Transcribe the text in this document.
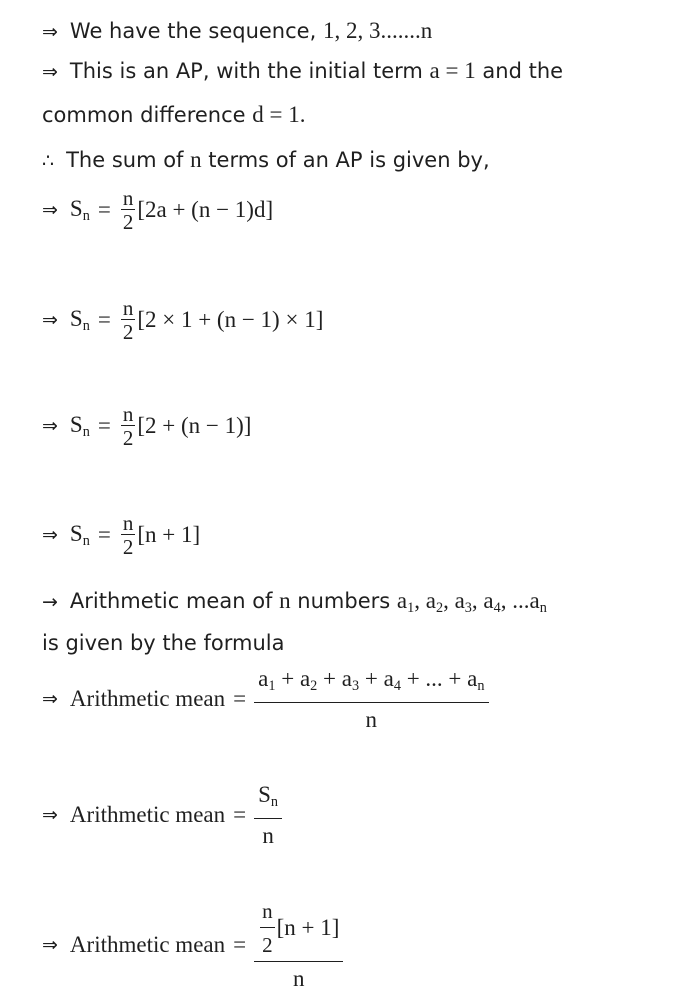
⇒ We have the sequence, 1, 2, 3.......n
⇒ This is an AP, with the initial term a = 1 and the
common difference d = 1.
∴ The sum of n terms of an AP is given by,
⇒ $S_n = \frac{n}{2} [2a + (n - 1)d]$
⇒ $S_n = \frac{n}{2} [2 \times 1 + (n - 1) \times 1]$
⇒ $S_n = \frac{n}{2} [2 + (n - 1)]$
⇒ $S_n = \frac{n}{2} [n + 1]$
→ Arithmetic mean of n numbers $a_1$, $a_2$, $a_3$, $a_4$, $...a_n$
is given by the formula
⇒ Arithmetic mean = $\frac{a_1 + a_2 + a_3 + a_4 + ... + a_n}{n}$
⇒ Arithmetic mean = $\frac{S_n}{n}$
⇒ Arithmetic mean = $\frac{\frac{n}{2} [n + 1]}{n}$
